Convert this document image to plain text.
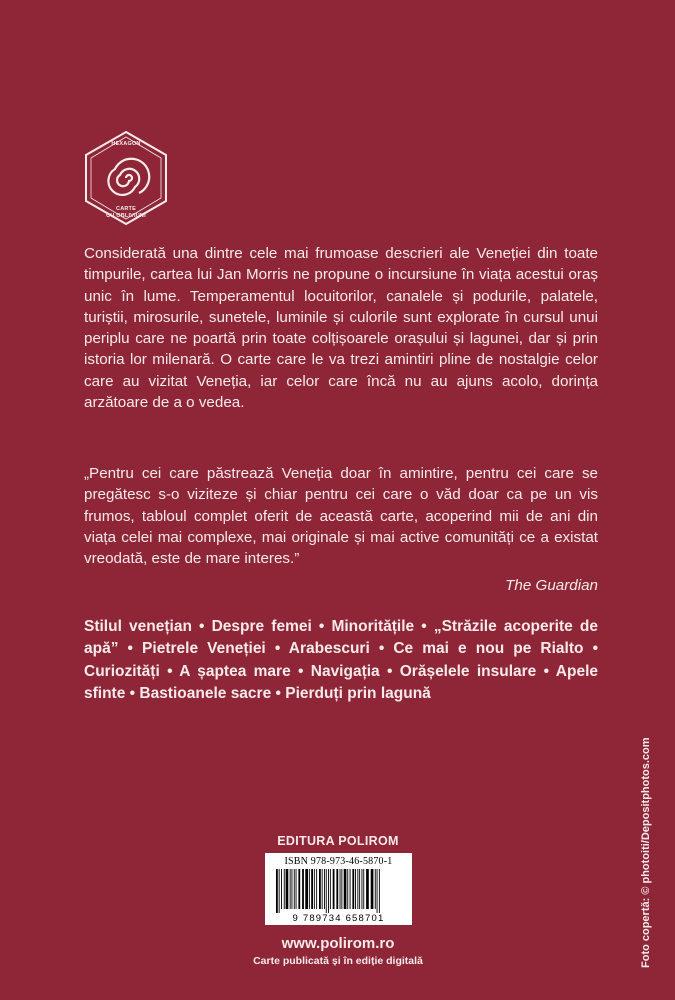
HEXAGON
CARTE
CU OBLIVIUNI

Considerată una dintre cele mai frumoase descrieri ale Veneției din toate timpurile, cartea lui Jan Morris ne propune o incursiune în viața acestui oraș unic în lume. Temperamentul locuitorilor, canalele și podurile, palatele, turiștii, mirosurile, sunetele, luminile și culorile sunt explorate în cursul unui periplu care ne poartă prin toate colțișoarele orașului și lagunei, dar și prin istoria lor milenară. O carte care le va trezi amintiri pline de nostalgie celor care au vizitat Veneția, iar celor care încă nu au ajuns acolo, dorința arzătoare de a o vedea.

„Pentru cei care păstrează Veneția doar în amintire, pentru cei care se pregătesc s-o viziteze și chiar pentru cei care o văd doar ca pe un vis frumos, tabloul complet oferit de această carte, acoperind mii de ani din viața celei mai complexe, mai originale și mai active comunități ce a existat vreodată, este de mare interes.”

The Guardian

Stilul venețian • Despre femei • Minoritățile • „Străzile acoperite de apă” • Pietrele Veneției • Arabescuri • Ce mai e nou pe Rialto • Curiozități • A șaptea mare • Navigația • Orășelele insulare • Apele sfinte • Bastioanele sacre • Pierduți prin lagună

Foto copertă: © photoiti/Depositphotos.com
EDITURA POLIROM
ISBN 978-973-46-5870-1
9 789734 658701
www.polirom.ro
Carte publicată și în ediție digitală
